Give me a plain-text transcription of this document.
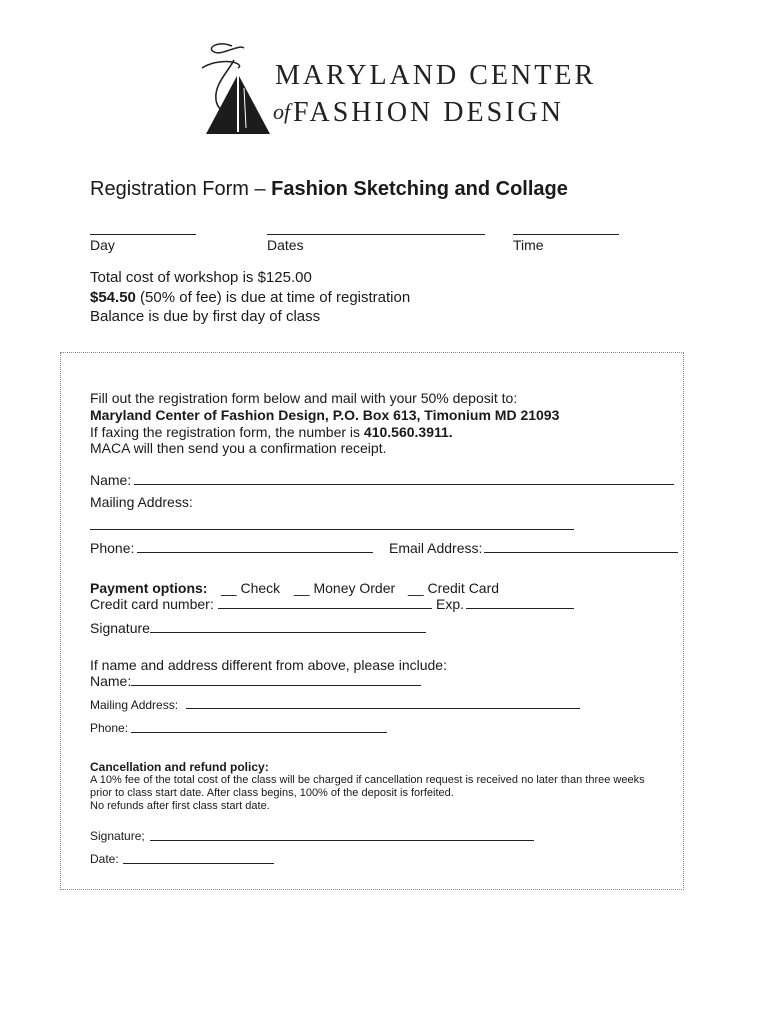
MARYLAND CENTER
of FASHION DESIGN
Registration Form – Fashion Sketching and Collage
Day	Dates	Time
Total cost of workshop is $125.00
$54.50 (50% of fee) is due at time of registration
Balance is due by first day of class
Fill out the registration form below and mail with your 50% deposit to:
Maryland Center of Fashion Design, P.O. Box 613, Timonium MD 21093
If faxing the registration form, the number is 410.560.3911.
MACA will then send you a confirmation receipt.
Name:
Mailing Address:
Phone:	Email Address:
Payment options: __ Check __ Money Order __ Credit Card
Credit card number:	Exp.
Signature
If name and address different from above, please include:
Name:
Mailing Address:
Phone:
Cancellation and refund policy:
A 10% fee of the total cost of the class will be charged if cancellation request is received no later than three weeks
prior to class start date. After class begins, 100% of the deposit is forfeited.
No refunds after first class start date.
Signature;
Date:
